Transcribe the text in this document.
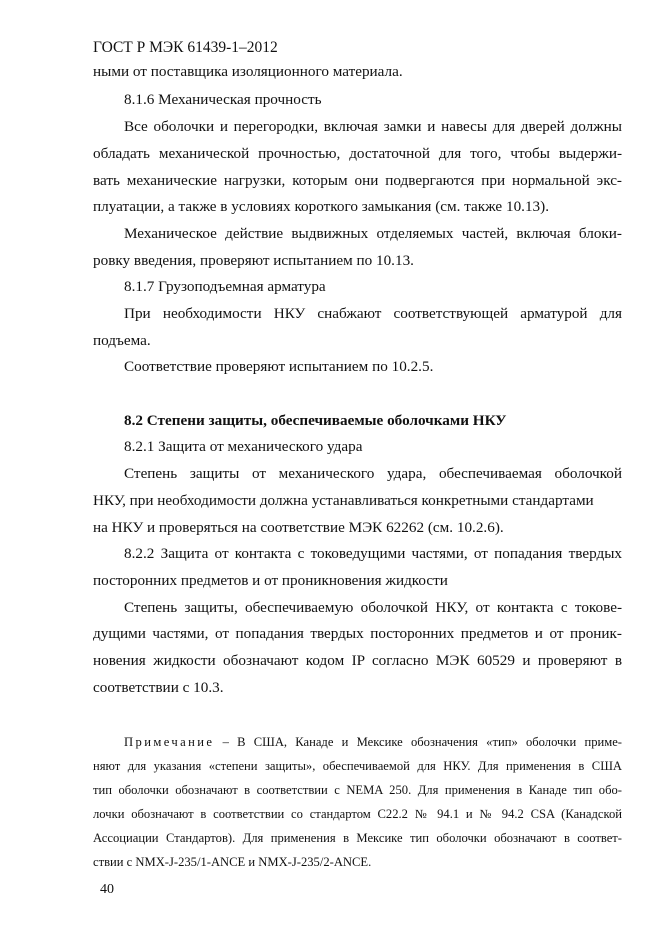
ГОСТ Р МЭК 61439-1–2012
ными от поставщика изоляционного материала.
8.1.6 Механическая прочность
Все оболочки и перегородки, включая замки и навесы для дверей должны
обладать механической прочностью, достаточной для того, чтобы выдержи-
вать механические нагрузки, которым они подвергаются при нормальной экс-
плуатации, а также в условиях короткого замыкания (см. также 10.13).
Механическое действие выдвижных отделяемых частей, включая блоки-
ровку введения, проверяют испытанием по 10.13.
8.1.7 Грузоподъемная арматура
При необходимости НКУ снабжают соответствующей арматурой для
подъема.
Соответствие проверяют испытанием по 10.2.5.
8.2 Степени защиты, обеспечиваемые оболочками НКУ
8.2.1 Защита от механического удара
Степень защиты от механического удара, обеспечиваемая оболочкой
НКУ, при необходимости должна устанавливаться конкретными стандартами
на НКУ и проверяться на соответствие МЭК 62262 (см. 10.2.6).
8.2.2 Защита от контакта с токоведущими частями, от попадания твердых
посторонних предметов и от проникновения жидкости
Степень защиты, обеспечиваемую оболочкой НКУ, от контакта с токове-
дущими частями, от попадания твердых посторонних предметов и от проник-
новения жидкости обозначают кодом IP согласно МЭК 60529 и проверяют в
соответствии с 10.3.
Примечание – В США, Канаде и Мексике обозначения «тип» оболочки приме-
няют для указания «степени защиты», обеспечиваемой для НКУ. Для применения в США
тип оболочки обозначают в соответствии с NEMA 250. Для применения в Канаде тип обо-
лочки обозначают в соответствии со стандартом C22.2 № 94.1 и № 94.2 CSA (Канадской
Ассоциации Стандартов). Для применения в Мексике тип оболочки обозначают в соответ-
ствии с NMX-J-235/1-ANCE и NMX-J-235/2-ANCE.
40
